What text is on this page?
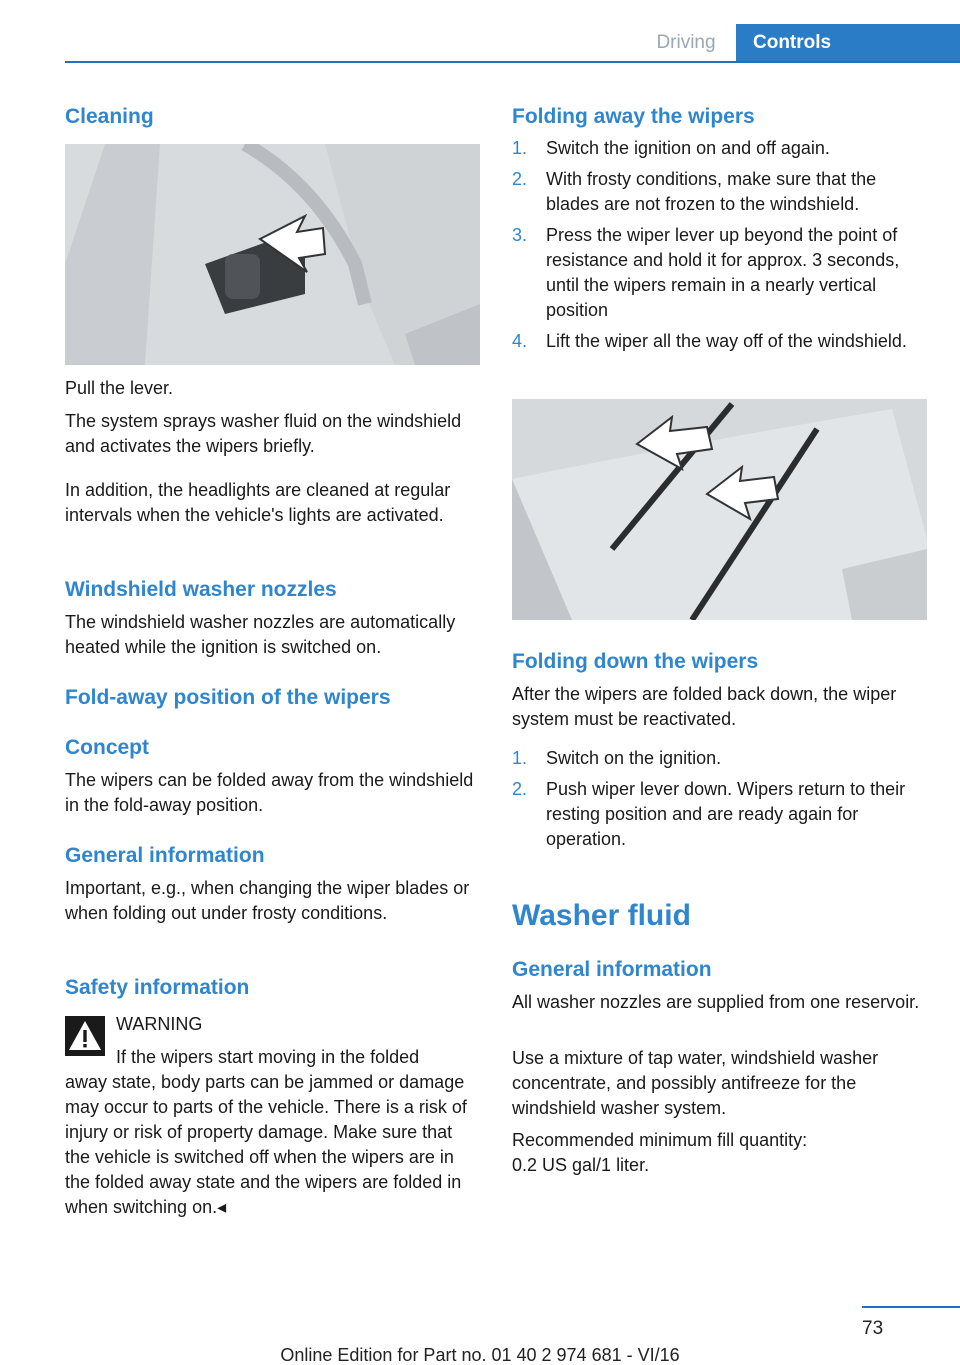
Driving	Controls
Cleaning
Pull the lever.
The system sprays washer fluid on the windshield and activates the wipers briefly.
In addition, the headlights are cleaned at regular intervals when the vehicle's lights are activated.
Windshield washer nozzles
The windshield washer nozzles are automatically heated while the ignition is switched on.
Fold-away position of the wipers
Concept
The wipers can be folded away from the windshield in the fold-away position.
General information
Important, e.g., when changing the wiper blades or when folding out under frosty conditions.
Safety information
WARNING
If the wipers start moving in the folded
away state, body parts can be jammed or damage may occur to parts of the vehicle. There is a risk of injury or risk of property damage. Make sure that the vehicle is switched off when the wipers are in the folded away state and the wipers are folded in when switching on.◂
Folding away the wipers
1. Switch the ignition on and off again.
2. With frosty conditions, make sure that the blades are not frozen to the windshield.
3. Press the wiper lever up beyond the point of resistance and hold it for approx. 3 seconds, until the wipers remain in a nearly vertical position
4. Lift the wiper all the way off of the windshield.
Folding down the wipers
After the wipers are folded back down, the wiper system must be reactivated.
1. Switch on the ignition.
2. Push wiper lever down. Wipers return to their resting position and are ready again for operation.
Washer fluid
General information
All washer nozzles are supplied from one reservoir.
Use a mixture of tap water, windshield washer concentrate, and possibly antifreeze for the windshield washer system.
Recommended minimum fill quantity:
0.2 US gal/1 liter.
73
Online Edition for Part no. 01 40 2 974 681 - VI/16
